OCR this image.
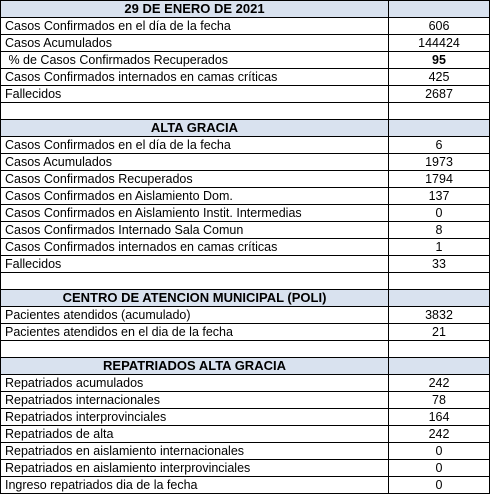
29 DE ENERO DE 2021	
Casos Confirmados en el día de la fecha	606
Casos Acumulados	144424
% de Casos Confirmados Recuperados	95
Casos Confirmados internados en camas críticas	425
Fallecidos	2687

ALTA GRACIA	
Casos Confirmados en el día de la fecha	6
Casos Acumulados	1973
Casos Confirmados Recuperados	1794
Casos Confirmados en Aislamiento Dom.	137
Casos Confirmados en Aislamiento Instit. Intermedias	0
Casos Confirmados Internado Sala Comun	8
Casos Confirmados internados en camas críticas	1
Fallecidos	33

CENTRO DE ATENCION MUNICIPAL (POLI)	
Pacientes atendidos (acumulado)	3832
Pacientes atendidos en el dia de la fecha	21

REPATRIADOS ALTA GRACIA	
Repatriados acumulados	242
Repatriados internacionales	78
Repatriados interprovinciales	164
Repatriados de alta	242
Repatriados en aislamiento internacionales	0
Repatriados en aislamiento interprovinciales	0
Ingreso repatriados dia de la fecha	0
